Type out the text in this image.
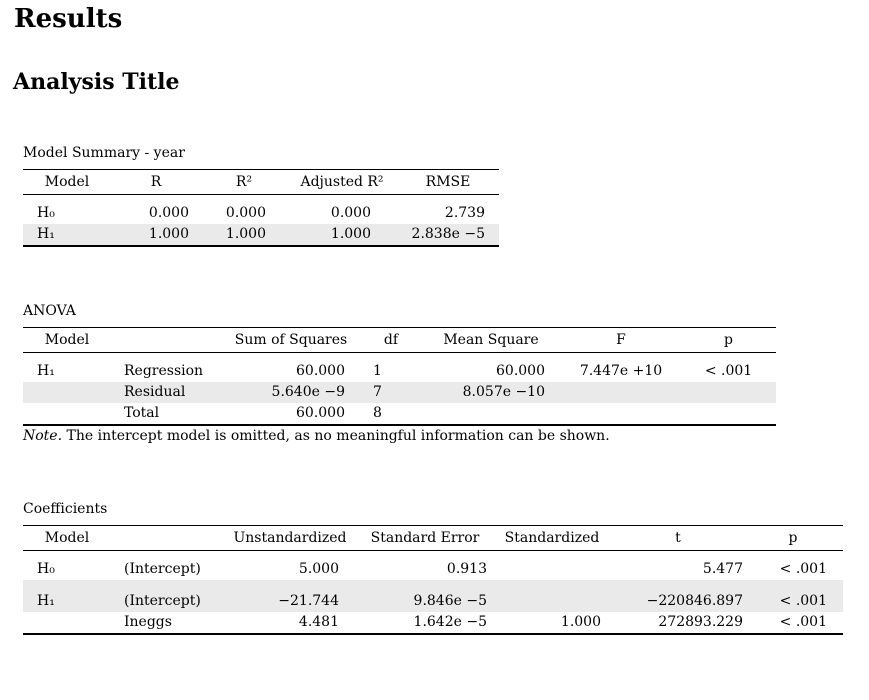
Results
Analysis Title
Model Summary - year
Model	R	R²	Adjusted R²	RMSE
H₀	0.000	0.000	0.000	2.739
H₁	1.000	1.000	1.000	2.838e −5
ANOVA
Model		Sum of Squares	df	Mean Square	F	p
H₁	Regression	60.000	1	60.000	7.447e +10	< .001
	Residual	5.640e −9	7	8.057e −10		
	Total	60.000	8			
Note. The intercept model is omitted, as no meaningful information can be shown.
Coefficients
Model		Unstandardized	Standard Error	Standardized	t	p
H₀	(Intercept)	5.000	0.913		5.477	< .001
H₁	(Intercept)	−21.744	9.846e −5		−220846.897	< .001
	Ineggs	4.481	1.642e −5	1.000	272893.229	< .001
